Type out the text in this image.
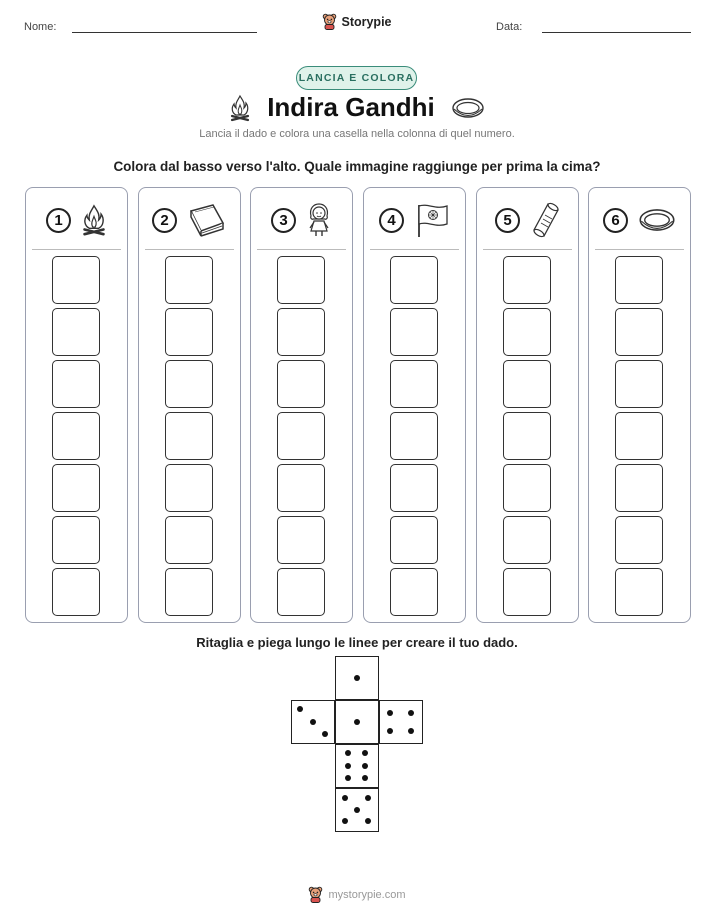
Nome:	Storypie	Data:
LANCIA E COLORA
Indira Gandhi
Lancia il dado e colora una casella nella colonna di quel numero.
Colora dal basso verso l'alto. Quale immagine raggiunge per prima la cima?
1	2	3	4	5	6
Ritaglia e piega lungo le linee per creare il tuo dado.
mystorypie.com
